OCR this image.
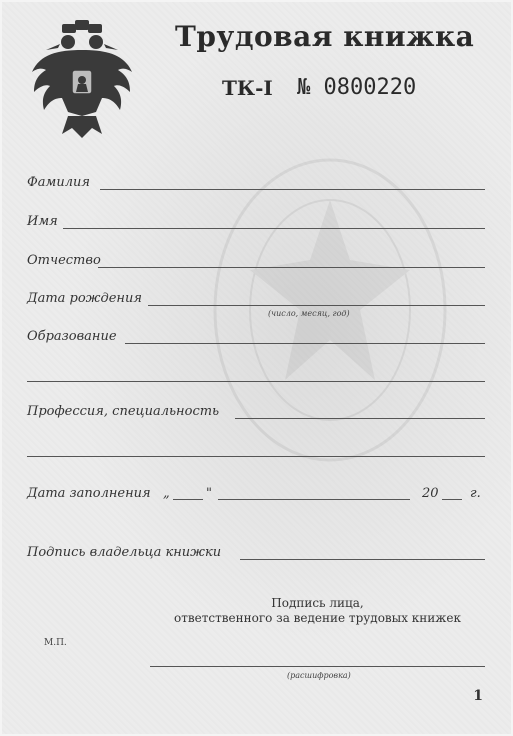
Трудовая книжка
ТК-I № 0800220
Фамилия
Имя
Отчество
Дата рождения
(число, месяц, год)
Образование
Профессия, специальность
Дата заполнения „	"	20 г.
Подпись владельца книжки
Подпись лица,
ответственного за ведение трудовых книжек
М.П.
(расшифровка)
1
